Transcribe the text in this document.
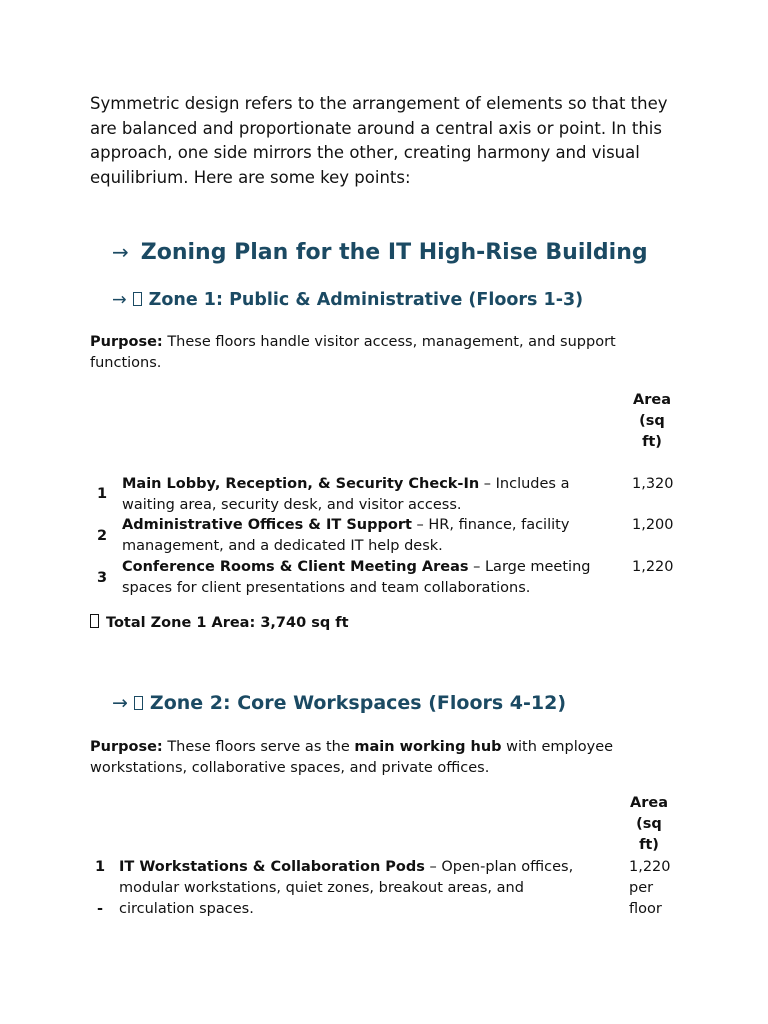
Symmetric design refers to the arrangement of elements so that they are balanced and proportionate around a central axis or point. In this approach, one side mirrors the other, creating harmony and visual equilibrium. Here are some key points:

→ Zoning Plan for the IT High-Rise Building
→ Zone 1: Public & Administrative (Floors 1-3)

Purpose: These floors handle visitor access, management, and support functions.

Area (sq ft)
1
Main Lobby, Reception, & Security Check-In – Includes a waiting area, security desk, and visitor access.
1,320
2
Administrative Offices & IT Support – HR, finance, facility management, and a dedicated IT help desk.
1,200
3
Conference Rooms & Client Meeting Areas – Large meeting spaces for client presentations and team collaborations.
1,220

Total Zone 1 Area: 3,740 sq ft

→ Zone 2: Core Workspaces (Floors 4-12)

Purpose: These floors serve as the main working hub with employee workstations, collaborative spaces, and private offices.

Area (sq ft)
1
-
IT Workstations & Collaboration Pods – Open-plan offices, modular workstations, quiet zones, breakout areas, and circulation spaces.
1,220 per floor
